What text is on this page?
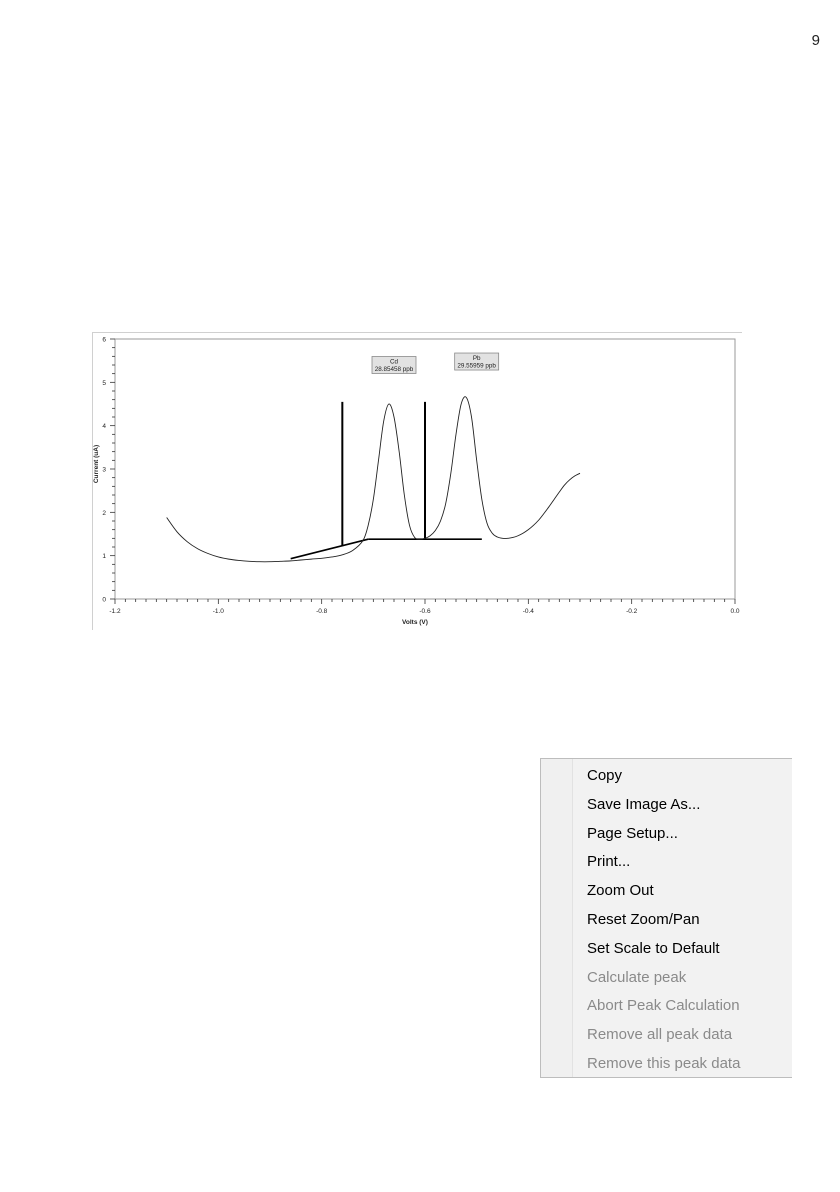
9
-1.2	-1.0	-0.8	-0.6	-0.4	-0.2	0.0
0
1
2
3
4
5
6
Volts (V)
Current (uA)
Cd
28.85458 ppb
Pb
29.55959 ppb
Copy
Save Image As...
Page Setup...
Print...
Zoom Out
Reset Zoom/Pan
Set Scale to Default
Calculate peak
Abort Peak Calculation
Remove all peak data
Remove this peak data
